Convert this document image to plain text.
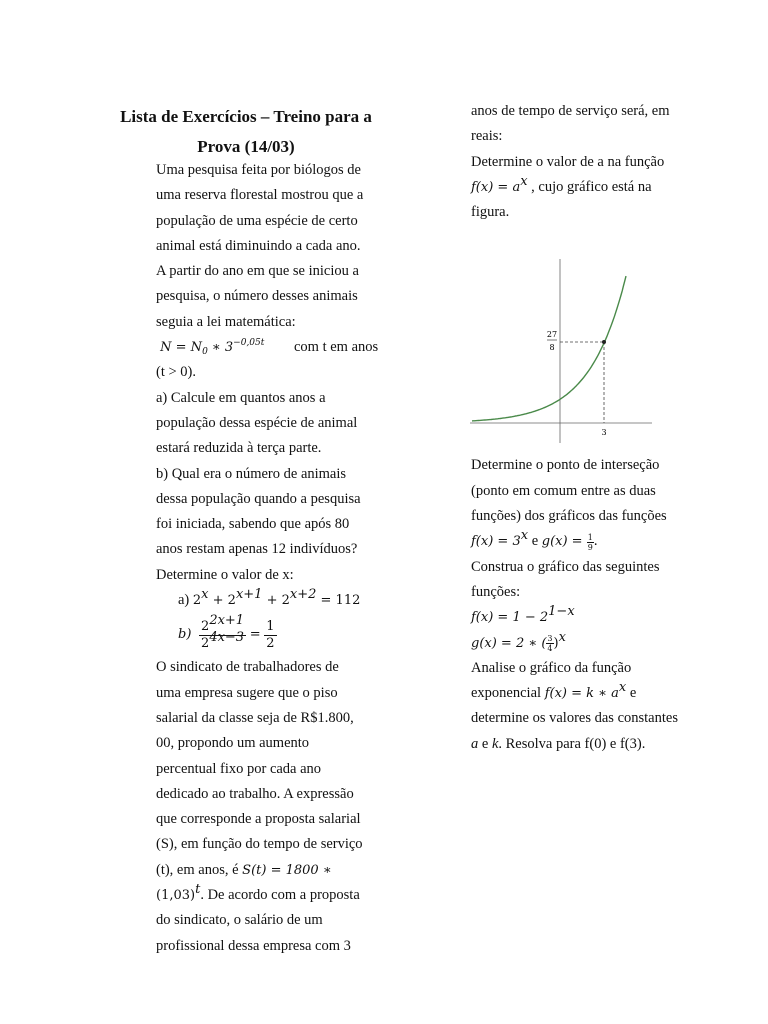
Lista de Exercícios – Treino para a
Prova (14/03)
Uma pesquisa feita por biólogos de
uma reserva florestal mostrou que a
população de uma espécie de certo
animal está diminuindo a cada ano.
A partir do ano em que se iniciou a
pesquisa, o número desses animais
seguia a lei matemática:
$N = N_0$ ∗ $3^{-0,05t}$ com t em anos
(t > 0).
a) Calcule em quantos anos a
população dessa espécie de animal
estará reduzida à terça parte.
b) Qual era o número de animais
dessa população quando a pesquisa
foi iniciada, sabendo que após 80
anos restam apenas 12 indivíduos?
Determine o valor de x:
a) $2^x + 2^{x+1} + 2^{x+2} = 112$
$b) \frac{2^{2x+1}}{2^{4x-3}} = \frac{1}{2}$
O sindicato de trabalhadores de
uma empresa sugere que o piso
salarial da classe seja de R$1.800,
00, propondo um aumento
percentual fixo por cada ano
dedicado ao trabalho. A expressão
que corresponde a proposta salarial
(S), em função do tempo de serviço
(t), em anos, é S(t) = 1800 ∗
$(1,03)^t$. De acordo com a proposta
do sindicato, o salário de um
profissional dessa empresa com 3
anos de tempo de serviço será, em
reais:
Determine o valor de a na função
$f(x) = a^x$ , cujo gráfico está na
figura.
Determine o ponto de interseção
(ponto em comum entre as duas
funções) dos gráficos das funções
$f(x) = 3^x$ e $g(x) = \frac{1}{9}$ .
Construa o gráfico das seguintes
funções:
$f(x) = 1 - 2^{1-x}$
g(x) = 2 ∗ ( $\frac{3}{4} )^x$
Analise o gráfico da função
exponencial f(x) = k ∗ $a^x$ e
determine os valores das constantes
a e k. Resolva para f(0) e f(3).
27
8
3
